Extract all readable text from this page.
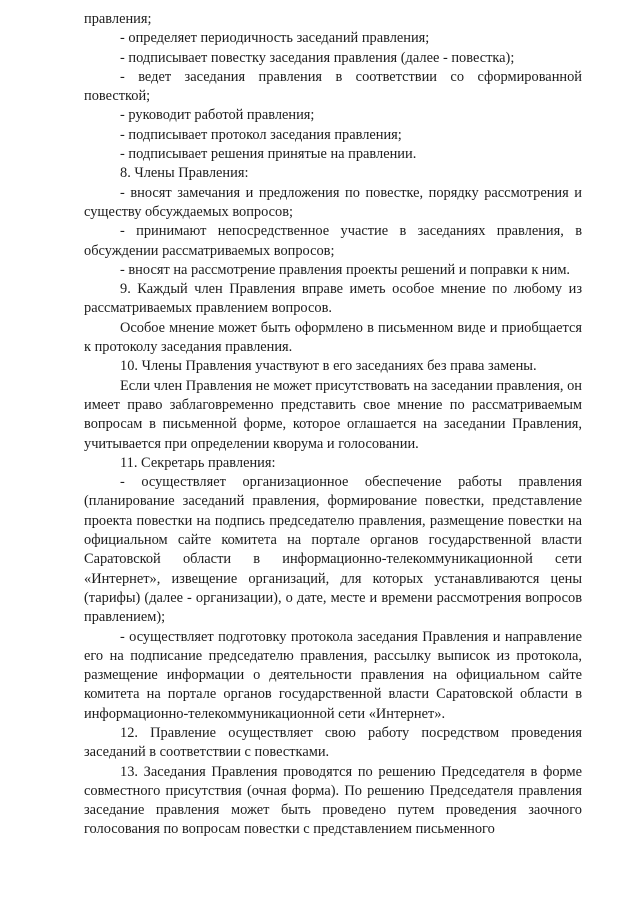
правления;

- определяет периодичность заседаний правления;

- подписывает повестку заседания правления (далее - повестка);

- ведет заседания правления в соответствии со сформированной повесткой;

- руководит работой правления;

- подписывает протокол заседания правления;

- подписывает решения принятые на правлении.

8. Члены Правления:

- вносят замечания и предложения по повестке, порядку рассмотрения и существу обсуждаемых вопросов;

- принимают непосредственное участие в заседаниях правления, в обсуждении рассматриваемых вопросов;

- вносят на рассмотрение правления проекты решений и поправки к ним.

9. Каждый член Правления вправе иметь особое мнение по любому из рассматриваемых правлением вопросов.

Особое мнение может быть оформлено в письменном виде и приобщается к протоколу заседания правления.

10. Члены Правления участвуют в его заседаниях без права замены.

Если член Правления не может присутствовать на заседании правления, он имеет право заблаговременно представить свое мнение по рассматриваемым вопросам в письменной форме, которое оглашается на заседании Правления, учитывается при определении кворума и голосовании.

11. Секретарь правления:

- осуществляет организационное обеспечение работы правления (планирование заседаний правления, формирование повестки, представление проекта повестки на подпись председателю правления, размещение повестки на официальном сайте комитета на портале органов государственной власти Саратовской области в информационно-телекоммуникационной сети «Интернет», извещение организаций, для которых устанавливаются цены (тарифы) (далее - организации), о дате, месте и времени рассмотрения вопросов правлением);

- осуществляет подготовку протокола заседания Правления и направление его на подписание председателю правления, рассылку выписок из протокола, размещение информации о деятельности правления на официальном сайте комитета на портале органов государственной власти Саратовской области в информационно-телекоммуникационной сети «Интернет».

12. Правление осуществляет свою работу посредством проведения заседаний в соответствии с повестками.

13. Заседания Правления проводятся по решению Председателя в форме совместного присутствия (очная форма). По решению Председателя правления заседание правления может быть проведено путем проведения заочного голосования по вопросам повестки с представлением письменного
